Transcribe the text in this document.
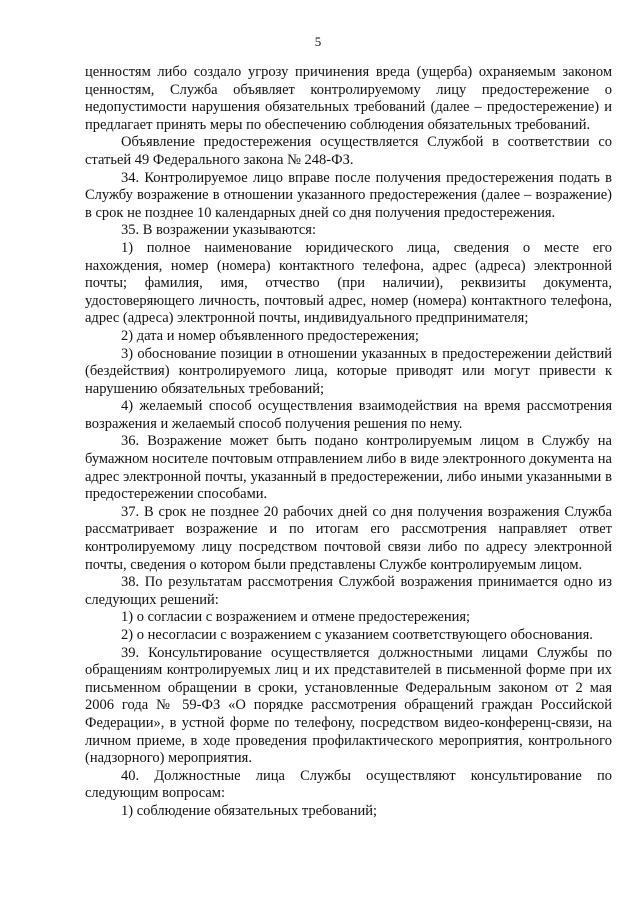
5

ценностям либо создало угрозу причинения вреда (ущерба) охраняемым законом ценностям, Служба объявляет контролируемому лицу предостережение о недопустимости нарушения обязательных требований (далее – предостережение) и предлагает принять меры по обеспечению соблюдения обязательных требований.

Объявление предостережения осуществляется Службой в соответствии со статьей 49 Федерального закона № 248-ФЗ.

34. Контролируемое лицо вправе после получения предостережения подать в Службу возражение в отношении указанного предостережения (далее – возражение) в срок не позднее 10 календарных дней со дня получения предостережения.

35. В возражении указываются:

1) полное наименование юридического лица, сведения о месте его нахождения, номер (номера) контактного телефона, адрес (адреса) электронной почты; фамилия, имя, отчество (при наличии), реквизиты документа, удостоверяющего личность, почтовый адрес, номер (номера) контактного телефона, адрес (адреса) электронной почты, индивидуального предпринимателя;

2) дата и номер объявленного предостережения;

3) обоснование позиции в отношении указанных в предостережении действий (бездействия) контролируемого лица, которые приводят или могут привести к нарушению обязательных требований;

4) желаемый способ осуществления взаимодействия на время рассмотрения возражения и желаемый способ получения решения по нему.

36. Возражение может быть подано контролируемым лицом в Службу на бумажном носителе почтовым отправлением либо в виде электронного документа на адрес электронной почты, указанный в предостережении, либо иными указанными в предостережении способами.

37. В срок не позднее 20 рабочих дней со дня получения возражения Служба рассматривает возражение и по итогам его рассмотрения направляет ответ контролируемому лицу посредством почтовой связи либо по адресу электронной почты, сведения о котором были представлены Службе контролируемым лицом.

38. По результатам рассмотрения Службой возражения принимается одно из следующих решений:

1) о согласии с возражением и отмене предостережения;

2) о несогласии с возражением с указанием соответствующего обоснования.

39. Консультирование осуществляется должностными лицами Службы по обращениям контролируемых лиц и их представителей в письменной форме при их письменном обращении в сроки, установленные Федеральным законом от 2 мая 2006 года № 59-ФЗ «О порядке рассмотрения обращений граждан Российской Федерации», в устной форме по телефону, посредством видео-конференц-связи, на личном приеме, в ходе проведения профилактического мероприятия, контрольного (надзорного) мероприятия.

40. Должностные лица Службы осуществляют консультирование по следующим вопросам:

1) соблюдение обязательных требований;
